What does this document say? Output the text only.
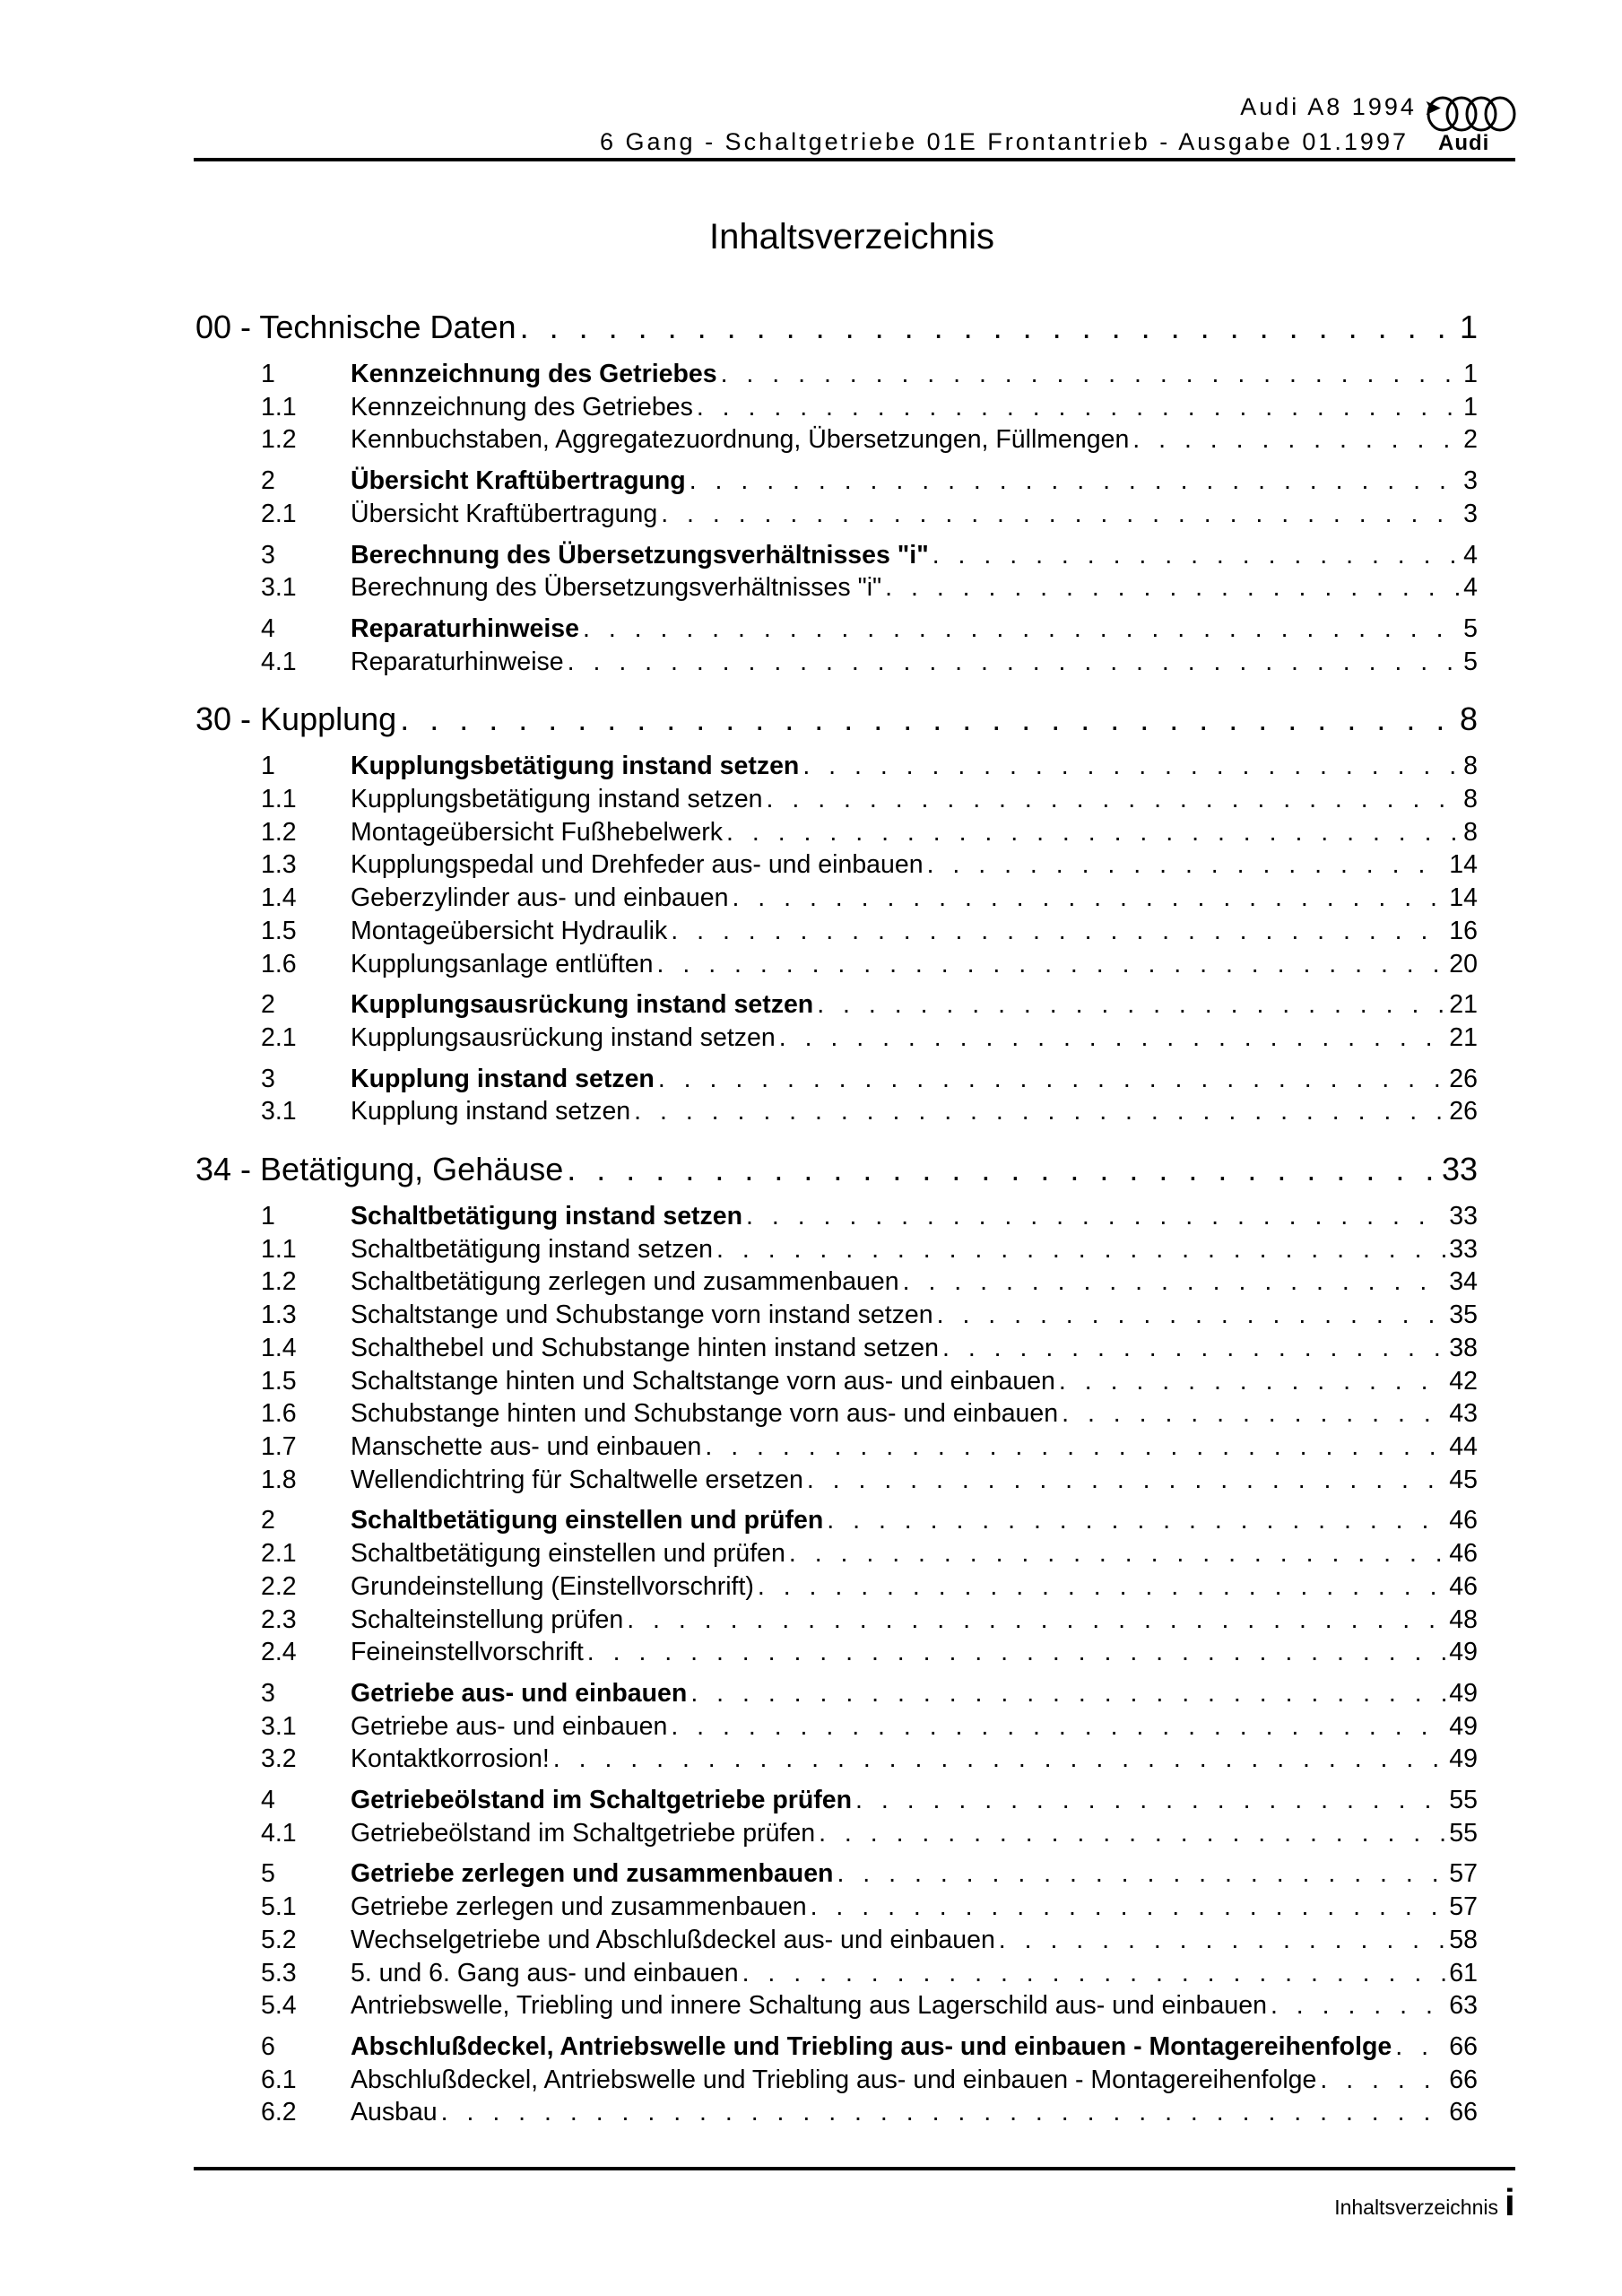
Audi A8 1994 ➤
6 Gang - Schaltgetriebe 01E Frontantrieb - Ausgabe 01.1997 Audi
Inhaltsverzeichnis
00 - Technische Daten . . .	1
1	Kennzeichnung des Getriebes . . .	1
1.1	Kennzeichnung des Getriebes . . .	1
1.2	Kennbuchstaben, Aggregatezuordnung, Übersetzungen, Füllmengen . . .	2
2	Übersicht Kraftübertragung . . .	3
2.1	Übersicht Kraftübertragung . . .	3
3	Berechnung des Übersetzungsverhältnisses "i" . . .	4
3.1	Berechnung des Übersetzungsverhältnisses "i" . . .	4
4	Reparaturhinweise . . .	5
4.1	Reparaturhinweise . . .	5
30 - Kupplung . . .	8
1	Kupplungsbetätigung instand setzen . . .	8
1.1	Kupplungsbetätigung instand setzen . . .	8
1.2	Montageübersicht Fußhebelwerk . . .	8
1.3	Kupplungspedal und Drehfeder aus- und einbauen . . .	14
1.4	Geberzylinder aus- und einbauen . . .	14
1.5	Montageübersicht Hydraulik . . .	16
1.6	Kupplungsanlage entlüften . . .	20
2	Kupplungsausrückung instand setzen . . .	21
2.1	Kupplungsausrückung instand setzen . . .	21
3	Kupplung instand setzen . . .	26
3.1	Kupplung instand setzen . . .	26
34 - Betätigung, Gehäuse . . .	33
1	Schaltbetätigung instand setzen . . .	33
1.1	Schaltbetätigung instand setzen . . .	33
1.2	Schaltbetätigung zerlegen und zusammenbauen . . .	34
1.3	Schaltstange und Schubstange vorn instand setzen . . .	35
1.4	Schalthebel und Schubstange hinten instand setzen . . .	38
1.5	Schaltstange hinten und Schaltstange vorn aus- und einbauen . . .	42
1.6	Schubstange hinten und Schubstange vorn aus- und einbauen . . .	43
1.7	Manschette aus- und einbauen . . .	44
1.8	Wellendichtring für Schaltwelle ersetzen . . .	45
2	Schaltbetätigung einstellen und prüfen . . .	46
2.1	Schaltbetätigung einstellen und prüfen . . .	46
2.2	Grundeinstellung (Einstellvorschrift) . . .	46
2.3	Schalteinstellung prüfen . . .	48
2.4	Feineinstellvorschrift . . .	49
3	Getriebe aus- und einbauen . . .	49
3.1	Getriebe aus- und einbauen . . .	49
3.2	Kontaktkorrosion! . . .	49
4	Getriebeölstand im Schaltgetriebe prüfen . . .	55
4.1	Getriebeölstand im Schaltgetriebe prüfen . . .	55
5	Getriebe zerlegen und zusammenbauen . . .	57
5.1	Getriebe zerlegen und zusammenbauen . . .	57
5.2	Wechselgetriebe und Abschlußdeckel aus- und einbauen . . .	58
5.3	5. und 6. Gang aus- und einbauen . . .	61
5.4	Antriebswelle, Triebling und innere Schaltung aus Lagerschild aus- und einbauen . . .	63
6	Abschlußdeckel, Antriebswelle und Triebling aus- und einbauen - Montagereihenfolge . . . 66
6.1	Abschlußdeckel, Antriebswelle und Triebling aus- und einbauen - Montagereihenfolge . . .	66
6.2	Ausbau . . .	66
Inhaltsverzeichnis i
